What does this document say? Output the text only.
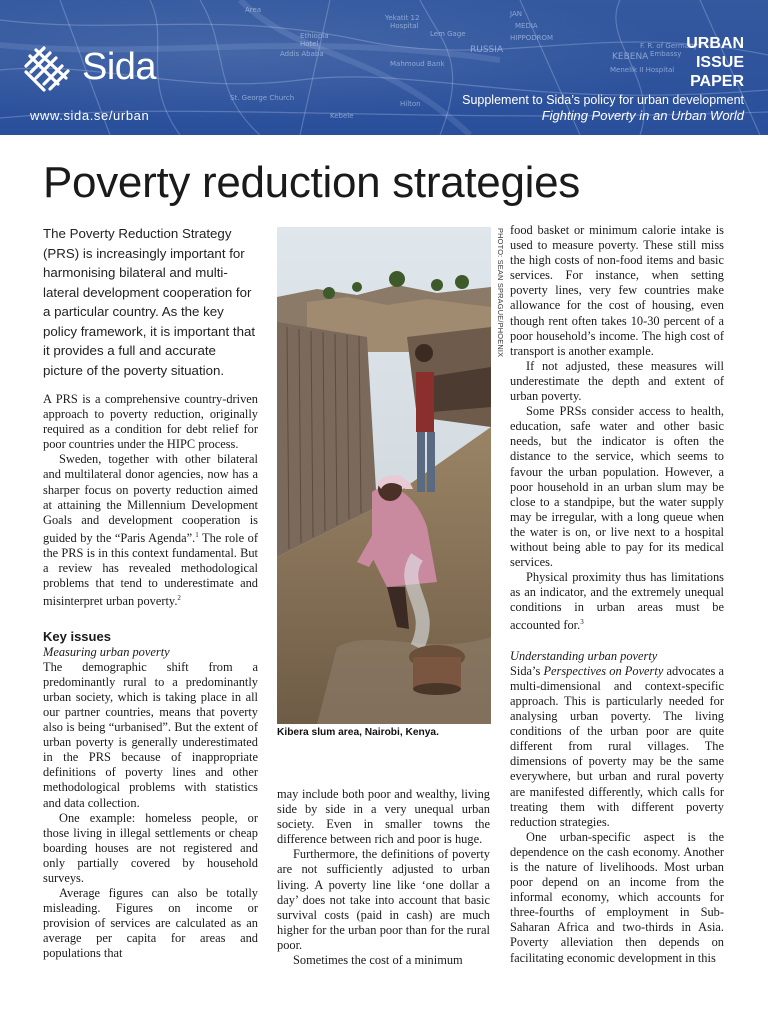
Area
Yekatit 12
Hospital
Ethiopia
Hotel
Lem Gage
RUSSIA
JAN
MEDIA
HIPPODROM
F. R. of Germany
Embassy
KEBENA
Menelik II Hospital
Addis Ababa
St. George Church
Mahmoud Bank
Hilton
Kebele
Sida
www.sida.se/urban
URBAN
ISSUE
PAPER
Supplement to Sida’s policy for urban development
Fighting Poverty in an Urban World
Poverty reduction strategies
The Poverty Reduction Strategy (PRS) is increasingly important for harmonising bilateral and multi-lateral development cooperation for a particular country. As the key policy framework, it is important that it provides a full and accurate picture of the poverty situation.

A PRS is a comprehensive country-driven approach to poverty reduction, originally required as a condition for debt relief for poor countries under the HIPC process.

Sweden, together with other bilateral and multilateral donor agencies, now has a sharper focus on poverty reduction aimed at attaining the Millennium Development Goals and development cooperation is guided by the “Paris Agenda”.$^1$ The role of the PRS is in this context fundamental. But a review has revealed methodological problems that tend to underestimate and misinterpret urban poverty.$^2$

Key issues

Measuring urban poverty

The demographic shift from a predominantly rural to a predominantly urban society, which is taking place in all our partner countries, means that poverty also is being “urbanised”. But the extent of urban poverty is generally underestimated in the PRS because of inappropriate definitions of poverty lines and other methodological problems with statistics and data collection.

One example: homeless people, or those living in illegal settlements or cheap boarding houses are not registered and only partially covered by household surveys.

Average figures can also be totally misleading. Figures on income or provision of services are calculated as an average per capita for areas and populations that

PHOTO: SEAN SPRAGUE/PHOENIX
Kibera slum area, Nairobi, Kenya.

may include both poor and wealthy, living side by side in a very unequal urban society. Even in smaller towns the difference between rich and poor is huge.

Furthermore, the definitions of poverty are not sufficiently adjusted to urban living. A poverty line like ‘one dollar a day’ does not take into account that basic survival costs (paid in cash) are much higher for the urban poor than for the rural poor.

Sometimes the cost of a minimum

food basket or minimum calorie intake is used to measure poverty. These still miss the high costs of non-food items and basic services. For instance, when setting poverty lines, very few countries make allowance for the cost of housing, even though rent often takes 10-30 percent of a poor household’s income. The high cost of transport is another example.

If not adjusted, these measures will underestimate the depth and extent of urban poverty.

Some PRSs consider access to health, education, safe water and other basic needs, but the indicator is often the distance to the service, which seems to favour the urban population. However, a poor household in an urban slum may be close to a standpipe, but the water supply may be irregular, with a long queue when the water is on, or live next to a hospital without being able to pay for its medical services.

Physical proximity thus has limitations as an indicator, and the extremely unequal conditions in urban areas must be accounted for.$^3$

Understanding urban poverty

Sida’s Perspectives on Poverty advocates a multi-dimensional and context-specific approach. This is particularly needed for analysing urban poverty. The living conditions of the urban poor are quite different from rural villages. The dimensions of poverty may be the same everywhere, but urban and rural poverty are manifested differently, which calls for treating them with different poverty reduction strategies.

One urban-specific aspect is the dependence on the cash economy. Another is the nature of livelihoods. Most urban poor depend on an income from the informal economy, which accounts for three-fourths of employment in Sub-Saharan Africa and two-thirds in Asia. Poverty alleviation then depends on facilitating economic development in this
